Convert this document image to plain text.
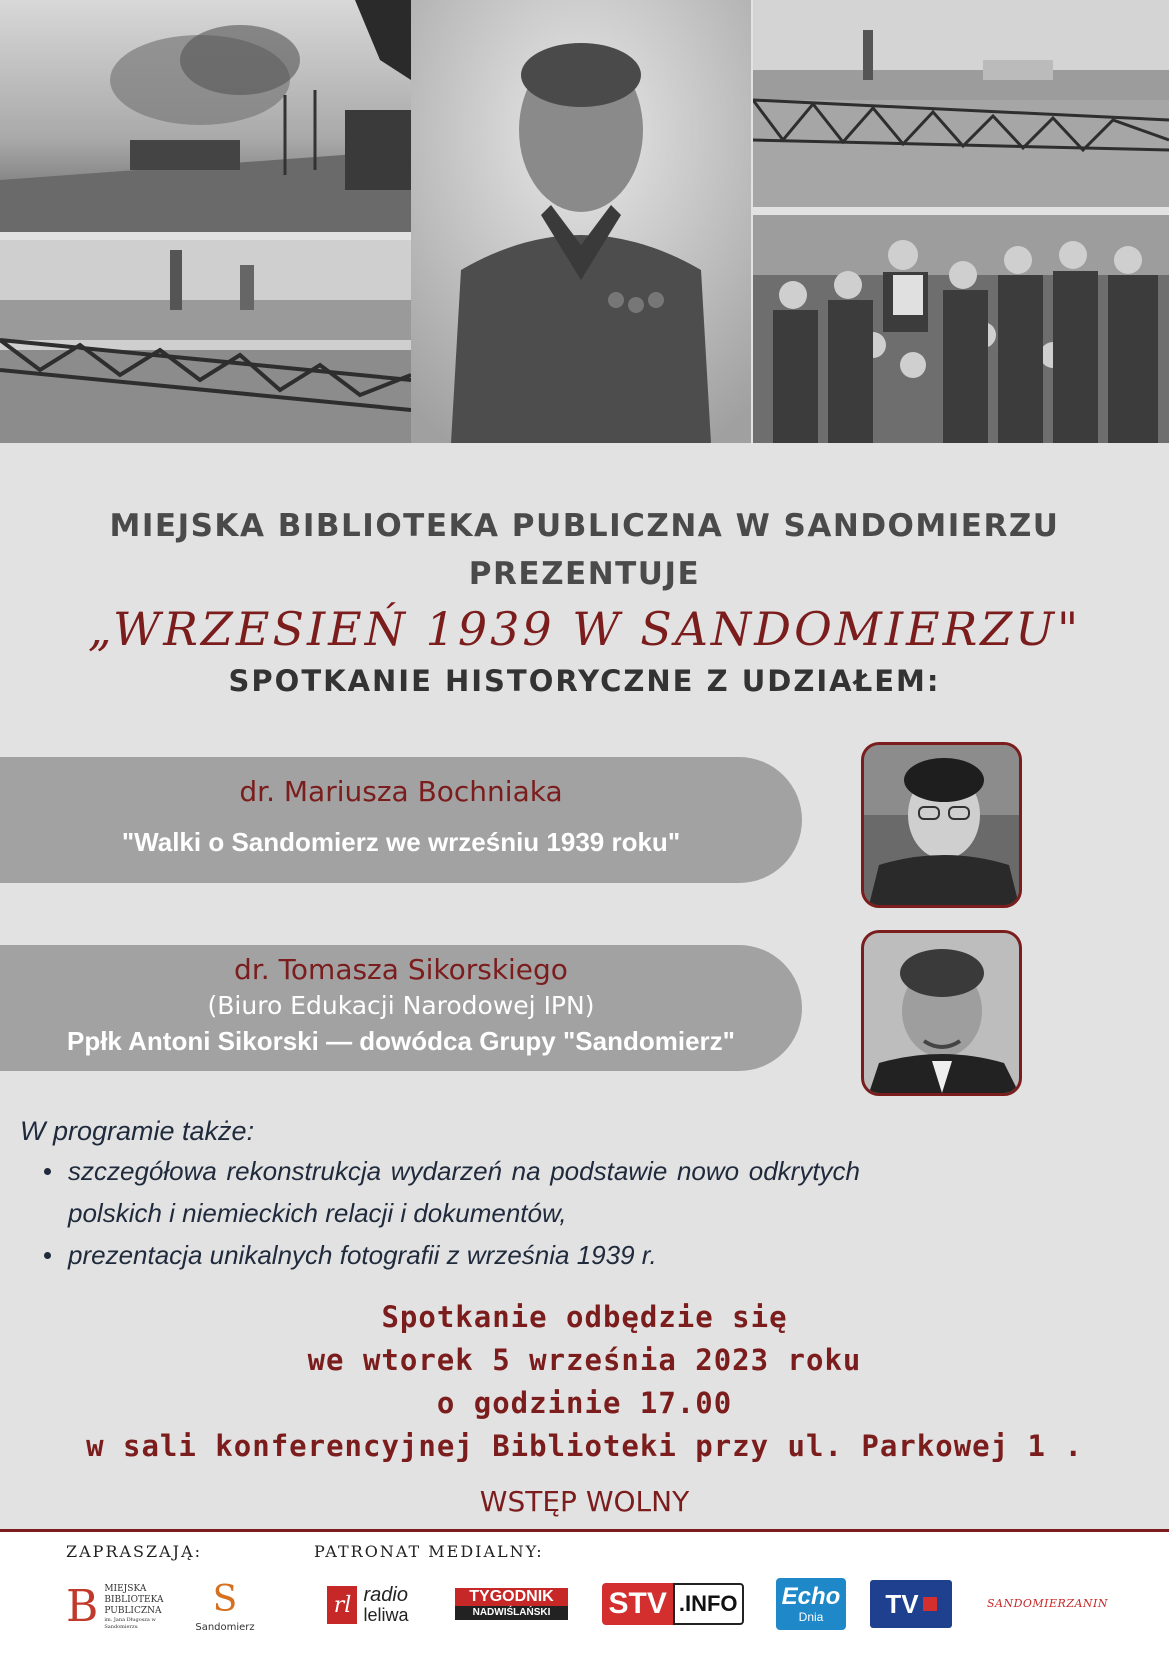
MIEJSKA BIBLIOTEKA PUBLICZNA W SANDOMIERZU
PREZENTUJE
„WRZESIEŃ 1939 W SANDOMIERZU"
SPOTKANIE HISTORYCZNE Z UDZIAŁEM:
dr. Mariusza Bochniaka
"Walki o Sandomierz we wrześniu 1939 roku"
dr. Tomasza Sikorskiego
(Biuro Edukacji Narodowej IPN)
Ppłk Antoni Sikorski — dowódca Grupy "Sandomierz"
W programie także:
szczegółowa rekonstrukcja wydarzeń na podstawie nowo odkrytych polskich i niemieckich relacji i dokumentów,
prezentacja unikalnych fotografii z września 1939 r.
Spotkanie odbędzie się
we wtorek 5 września 2023 roku
o godzinie 17.00
w sali konferencyjnej Biblioteki przy ul. Parkowej 1 .
WSTĘP WOLNY
ZAPRASZAJĄ:	PATRONAT MEDIALNY:
B MIEJSKA
BIBLIOTEKA
PUBLICZNA
im. Jana Długosza w Sandomierzu
S
Sandomierz
rl radio
leliwa
TYGODNIK
NADWIŚLAŃSKI	STV .INFO Echo
Dnia TV	SANDOMIERZANIN
